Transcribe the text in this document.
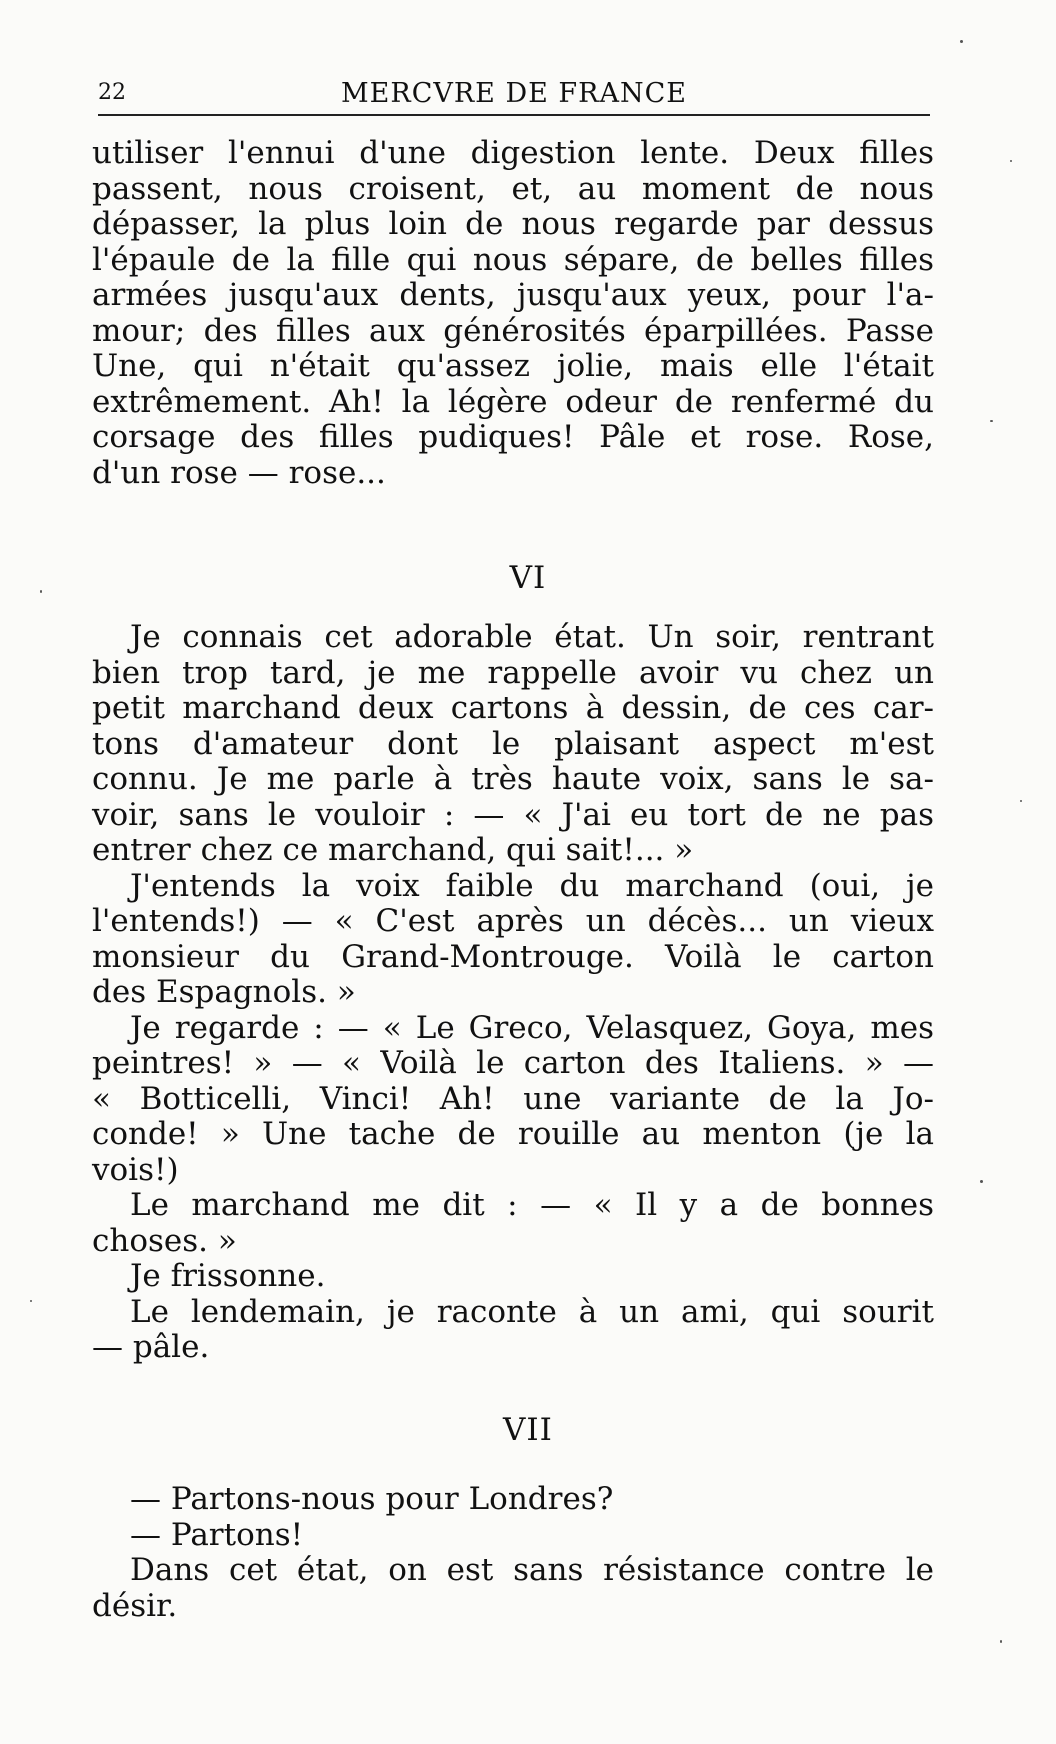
22	MERCVRE DE FRANCE
utiliser l'ennui d'une digestion lente. Deux filles
passent, nous croisent, et, au moment de nous
dépasser, la plus loin de nous regarde par dessus
l'épaule de la fille qui nous sépare, de belles filles
armées jusqu'aux dents, jusqu'aux yeux, pour l'a-
mour; des filles aux générosités éparpillées. Passe
Une, qui n'était qu'assez jolie, mais elle l'était
extrêmement. Ah! la légère odeur de renfermé du
corsage des filles pudiques! Pâle et rose. Rose,
d'un rose — rose...
VI
Je connais cet adorable état. Un soir, rentrant
bien trop tard, je me rappelle avoir vu chez un
petit marchand deux cartons à dessin, de ces car-
tons d'amateur dont le plaisant aspect m'est
connu. Je me parle à très haute voix, sans le sa-
voir, sans le vouloir : — « J'ai eu tort de ne pas
entrer chez ce marchand, qui sait!... »
J'entends la voix faible du marchand (oui, je
l'entends!) — « C'est après un décès... un vieux
monsieur du Grand-Montrouge. Voilà le carton
des Espagnols. »
Je regarde : — « Le Greco, Velasquez, Goya, mes
peintres! » — « Voilà le carton des Italiens. » —
« Botticelli, Vinci! Ah! une variante de la Jo-
conde! » Une tache de rouille au menton (je la
vois!)
Le marchand me dit : — « Il y a de bonnes
choses. »
Je frissonne.
Le lendemain, je raconte à un ami, qui sourit
— pâle.
VII
— Partons-nous pour Londres?
— Partons!
Dans cet état, on est sans résistance contre le
désir.
